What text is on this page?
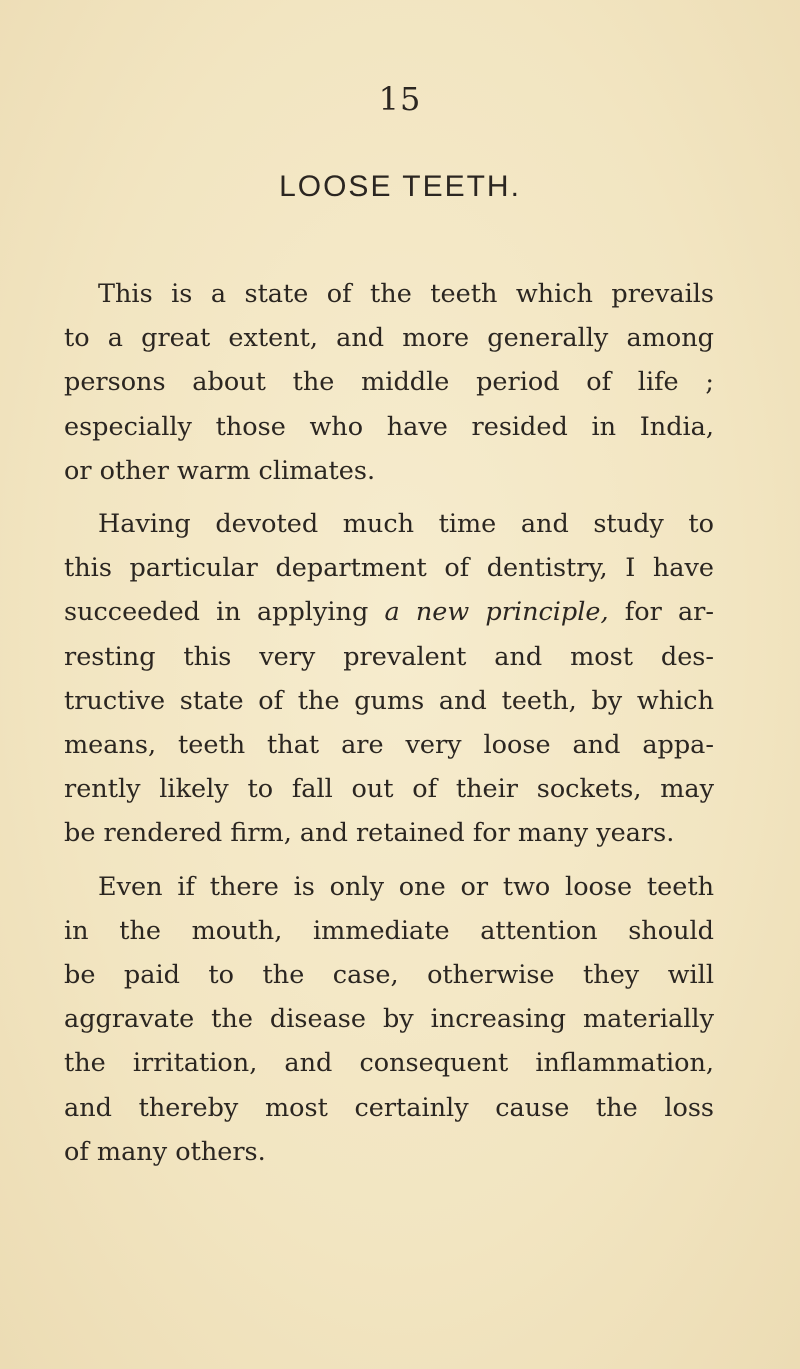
15
LOOSE TEETH.
This is a state of the teeth which prevails
to a great extent, and more generally among
persons about the middle period of life ;
especially those who have resided in India,
or other warm climates.
Having devoted much time and study to
this particular department of dentistry, I have
succeeded in applying a new principle, for ar-
resting this very prevalent and most des-
tructive state of the gums and teeth, by which
means, teeth that are very loose and appa-
rently likely to fall out of their sockets, may
be rendered firm, and retained for many years.
Even if there is only one or two loose teeth
in the mouth, immediate attention should
be paid to the case, otherwise they will
aggravate the disease by increasing materially
the irritation, and consequent inflammation,
and thereby most certainly cause the loss
of many others.
